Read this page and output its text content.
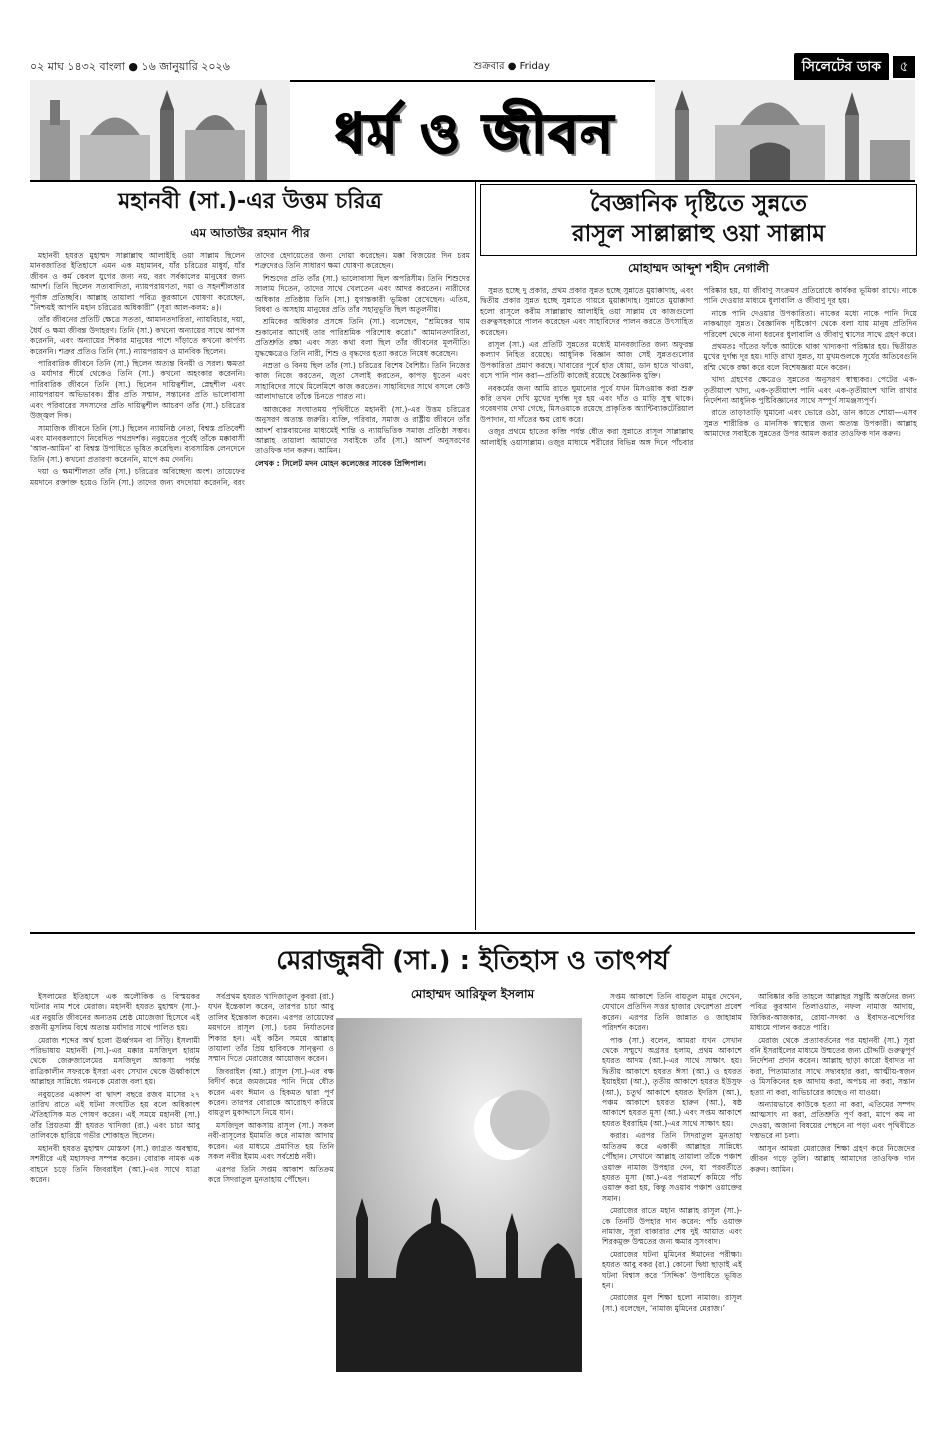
০২ মাঘ ১৪৩২ বাংলা ● ১৬ জানুয়ারি ২০২৬	শুক্রবার ● Friday	সিলেটের ডাক	৫
ধর্ম ও জীবন
মহানবী (সা.)-এর উত্তম চরিত্র
এম আতাউর রহমান পীর

মহানবী হযরত মুহাম্মদ সাল্লাল্লাহু আলাইহি ওয়া সাল্লাম ছিলেন মানবজাতির ইতিহাসে এমন এক মহামানব, যাঁর চরিত্রের মাধুর্য, যাঁর জীবন ও কর্ম কেবল যুগের জন্য নয়, বরং সর্বকালের মানুষের জন্য আদর্শ। তিনি ছিলেন সত্যবাদিতা, ন্যায়পরায়ণতা, দয়া ও সহনশীলতার পূর্ণাঙ্গ প্রতিচ্ছবি। আল্লাহ তায়ালা পবিত্র কুরআনে ঘোষণা করেছেন, “নিশ্চয়ই আপনি মহান চরিত্রের অধিকারী” (সূরা আল-কলম: ৪)।

তাঁর জীবনের প্রতিটি ক্ষেত্রে সততা, আমানতদারিতা, ন্যায়বিচার, দয়া, ধৈর্য ও ক্ষমা জীবন্ত উদাহরণ। তিনি (সা.) কখনো অন্যায়ের সাথে আপস করেননি, এবং অন্যায়ের শিকার মানুষের পাশে দাঁড়াতে কখনো কার্পণ্য করেননি। শত্রুর প্রতিও তিনি (সা.) ন্যায়পরায়ণ ও মানবিক ছিলেন।

পারিবারিক জীবনে তিনি (সা.) ছিলেন অত্যন্ত বিনয়ী ও সরল। ক্ষমতা ও মর্যাদার শীর্ষে থেকেও তিনি (সা.) কখনো অহংকার করেননি। পারিবারিক জীবনে তিনি (সা.) ছিলেন দায়িত্বশীল, স্নেহশীল এবং ন্যায়পরায়ণ অভিভাবক। স্ত্রীর প্রতি সম্মান, সন্তানের প্রতি ভালোবাসা এবং পরিবারের সদস্যদের প্রতি দায়িত্বশীল আচরণ তাঁর (সা.) চরিত্রের উজ্জ্বল দিক।

সামাজিক জীবনে তিনি (সা.) ছিলেন ন্যায়নিষ্ঠ নেতা, বিশ্বস্ত প্রতিবেশী এবং মানবকল্যাণে নিবেদিত পথপ্রদর্শক। নবুয়তের পূর্বেই তাঁকে মক্কাবাসী ‘আল-আমিন’ বা বিশ্বস্ত উপাধিতে ভূষিত করেছিল। ব্যবসায়িক লেনদেনে তিনি (সা.) কখনো প্রতারণা করেননি, মাপে কম দেননি।

দয়া ও ক্ষমাশীলতা তাঁর (সা.) চরিত্রের অবিচ্ছেদ্য অংশ। তায়েফের ময়দানে রক্তাক্ত হয়েও তিনি (সা.) তাদের জন্য বদদোয়া করেননি, বরং তাদের হেদায়েতের জন্য দোয়া করেছেন। মক্কা বিজয়ের দিন চরম শত্রুদেরও তিনি সাধারণ ক্ষমা ঘোষণা করেছেন।

শিশুদের প্রতি তাঁর (সা.) ভালোবাসা ছিল অপরিসীম। তিনি শিশুদের সালাম দিতেন, তাদের সাথে খেলতেন এবং আদর করতেন। নারীদের অধিকার প্রতিষ্ঠায় তিনি (সা.) যুগান্তকারী ভূমিকা রেখেছেন। এতিম, বিধবা ও অসহায় মানুষের প্রতি তাঁর সহানুভূতি ছিল অতুলনীয়।

শ্রমিকের অধিকার প্রসঙ্গে তিনি (সা.) বলেছেন, “শ্রমিকের ঘাম শুকানোর আগেই তার পারিশ্রমিক পরিশোধ করো।” আমানতদারিতা, প্রতিশ্রুতি রক্ষা এবং সত্য কথা বলা ছিল তাঁর জীবনের মূলনীতি। যুদ্ধক্ষেত্রেও তিনি নারী, শিশু ও বৃদ্ধদের হত্যা করতে নিষেধ করেছেন।

নম্রতা ও বিনয় ছিল তাঁর (সা.) চরিত্রের বিশেষ বৈশিষ্ট্য। তিনি নিজের কাজ নিজে করতেন, জুতা সেলাই করতেন, কাপড় ধুতেন এবং সাহাবিদের সাথে মিলেমিশে কাজ করতেন। সাহাবিদের সাথে বসলে কেউ আলাদাভাবে তাঁকে চিনতে পারত না।

আজকের সংঘাতময় পৃথিবীতে মহানবী (সা.)-এর উত্তম চরিত্রের অনুসরণ অত্যন্ত জরুরি। ব্যক্তি, পরিবার, সমাজ ও রাষ্ট্রীয় জীবনে তাঁর আদর্শ বাস্তবায়নের মাধ্যমেই শান্তি ও ন্যায়ভিত্তিক সমাজ প্রতিষ্ঠা সম্ভব। আল্লাহ তায়ালা আমাদের সবাইকে তাঁর (সা.) আদর্শ অনুসরণের তাওফিক দান করুন। আমিন।

লেখক : সিলেট মদন মোহন কলেজের সাবেক প্রিন্সিপাল।

বৈজ্ঞানিক দৃষ্টিতে সুন্নতে
রাসূল সাল্লাল্লাহু ওয়া সাল্লাম
মোহাম্মদ আব্দুশ শহীদ নেগালী

সুন্নত হচ্ছে দু প্রকার, প্রথম প্রকার সুন্নত হচ্ছে সুন্নাতে মুয়াক্কাদাহ, এবং দ্বিতীয় প্রকার সুন্নত হচ্ছে সুন্নাতে গায়রে মুয়াক্কাদাহ। সুন্নাতে মুয়াক্কাদা হলো রাসূলে করীম সাল্লাল্লাহু আলাইহি ওয়া সাল্লাম যে কাজগুলো গুরুত্বসহকারে পালন করেছেন এবং সাহাবিদের পালন করতে উৎসাহিত করেছেন।

রাসূল (সা.) এর প্রতিটি সুন্নতের মধ্যেই মানবজাতির জন্য অফুরন্ত কল্যাণ নিহিত রয়েছে। আধুনিক বিজ্ঞান আজ সেই সুন্নতগুলোর উপকারিতা প্রমাণ করছে। খাবারের পূর্বে হাত ধোয়া, ডান হাতে খাওয়া, বসে পানি পান করা—প্রতিটি কাজেই রয়েছে বৈজ্ঞানিক যুক্তি।

নবকর্মের জন্য আমি রাতে ঘুমানোর পূর্বে যখন মিসওয়াক করা শুরু করি তখন দেখি মুখের দুর্গন্ধ দূর হয় এবং দাঁত ও মাড়ি সুস্থ থাকে। গবেষণায় দেখা গেছে, মিসওয়াকে রয়েছে প্রাকৃতিক অ্যান্টিব্যাকটেরিয়াল উপাদান, যা দাঁতের ক্ষয় রোধ করে।

ওজুর প্রথমে হাতের কব্জি পর্যন্ত ধৌত করা সুন্নাতে রাসূল সাল্লাল্লাহু আলাইহি ওয়াসাল্লাম। ওজুর মাধ্যমে শরীরের বিভিন্ন অঙ্গ দিনে পাঁচবার পরিষ্কার হয়, যা জীবাণু সংক্রমণ প্রতিরোধে কার্যকর ভূমিকা রাখে। নাকে পানি দেওয়ার মাধ্যমে ধুলাবালি ও জীবাণু দূর হয়।

নাকে পানি দেওয়ার উপকারিতা। নাকের মধ্যে নাকে পানি দিয়ে নাকঝাড়া সুন্নত। বৈজ্ঞানিক দৃষ্টিকোণ থেকে বলা যায় মানুষ প্রতিদিন পরিবেশ থেকে নানা ধরনের ধুলাবালি ও জীবাণু শ্বাসের সাথে গ্রহণ করে।

প্রথমতঃ দাঁতের ফাঁকে আটকে থাকা খাদ্যকণা পরিষ্কার হয়। দ্বিতীয়ত মুখের দুর্গন্ধ দূর হয়। দাড়ি রাখা সুন্নত, যা মুখমণ্ডলকে সূর্যের অতিবেগুনি রশ্মি থেকে রক্ষা করে বলে বিশেষজ্ঞরা মনে করেন।

খাদ্য গ্রহণের ক্ষেত্রেও সুন্নতের অনুসরণ স্বাস্থ্যকর। পেটের এক-তৃতীয়াংশ খাদ্য, এক-তৃতীয়াংশ পানি এবং এক-তৃতীয়াংশ খালি রাখার নির্দেশনা আধুনিক পুষ্টিবিজ্ঞানের সাথে সম্পূর্ণ সামঞ্জস্যপূর্ণ।

রাতে তাড়াতাড়ি ঘুমানো এবং ভোরে ওঠা, ডান কাতে শোয়া—এসব সুন্নত শারীরিক ও মানসিক স্বাস্থ্যের জন্য অত্যন্ত উপকারী। আল্লাহ আমাদের সবাইকে সুন্নতের উপর আমল করার তাওফিক দান করুন।

মেরাজুন্নবী (সা.) : ইতিহাস ও তাৎপর্য
মোহাম্মদ আরিফুল ইসলাম

ইসলামের ইতিহাসে এক অলৌকিক ও বিস্ময়কর ঘটনার নাম শবে মেরাজ। মহানবী হযরত মুহাম্মদ (সা.)-এর নবুয়তি জীবনের অন্যতম শ্রেষ্ঠ মোজেজা হিসেবে এই রজনী মুসলিম বিশ্বে অত্যন্ত মর্যাদার সাথে পালিত হয়।

মেরাজ শব্দের অর্থ হলো ঊর্ধ্বগমন বা সিঁড়ি। ইসলামী পরিভাষায় মহানবী (সা.)-এর মক্কার মসজিদুল হারাম থেকে জেরুজালেমের মসজিদুল আকসা পর্যন্ত রাত্রিকালীন সফরকে ইসরা এবং সেখান থেকে ঊর্ধ্বাকাশে আল্লাহর সান্নিধ্যে গমনকে মেরাজ বলা হয়।

নবুয়তের একাদশ বা দ্বাদশ বছরে রজব মাসের ২৭ তারিখ রাতে এই ঘটনা সংঘটিত হয় বলে অধিকাংশ ঐতিহাসিক মত পোষণ করেন। এই সময়ে মহানবী (সা.) তাঁর প্রিয়তমা স্ত্রী হযরত খাদিজা (রা.) এবং চাচা আবু তালিবকে হারিয়ে গভীর শোকাহত ছিলেন।

মহানবী হযরত মুহাম্মদ মোস্তফা (সা.) জাগ্রত অবস্থায়, সশরীরে এই মহাসফর সম্পন্ন করেন। বোরাক নামক এক বাহনে চড়ে তিনি জিবরাইল (আ.)-এর সাথে যাত্রা করেন।

সর্বপ্রথম হযরত খাদিজাতুল কুবরা (রা.) যখন ইন্তেকাল করেন, তারপর চাচা আবু তালিব ইন্তেকাল করেন। এরপর তায়েফের ময়দানে রাসূল (সা.) চরম নির্যাতনের শিকার হন। এই কঠিন সময়ে আল্লাহ তায়ালা তাঁর প্রিয় হাবিবকে সান্ত্বনা ও সম্মান দিতে মেরাজের আয়োজন করেন।

জিবরাইল (আ.) রাসূল (সা.)-এর বক্ষ বিদীর্ণ করে জমজমের পানি দিয়ে ধৌত করেন এবং ঈমান ও হিকমত দ্বারা পূর্ণ করেন। তারপর বোরাকে আরোহণ করিয়ে বায়তুল মুকাদ্দাসে নিয়ে যান।

মসজিদুল আকসায় রাসূল (সা.) সকল নবী-রাসূলের ইমামতি করে নামাজ আদায় করেন। এর মাধ্যমে প্রমাণিত হয় তিনি সকল নবীর ইমাম এবং সর্বশ্রেষ্ঠ নবী।

এরপর তিনি সপ্তম আকাশ অতিক্রম করে সিদরাতুল মুনতাহায় পৌঁছেন।

সপ্তম আকাশে তিনি বায়তুল মামুর দেখেন, যেখানে প্রতিদিন সত্তর হাজার ফেরেশতা প্রবেশ করেন। এরপর তিনি জান্নাত ও জাহান্নাম পরিদর্শন করেন।

পাক (সা.) বলেন, আমরা যখন সেখান থেকে সম্মুখে অগ্রসর হলাম, প্রথম আকাশে হযরত আদম (আ.)-এর সাথে সাক্ষাৎ হয়। দ্বিতীয় আকাশে হযরত ঈসা (আ.) ও হযরত ইয়াহইয়া (আ.), তৃতীয় আকাশে হযরত ইউসুফ (আ.), চতুর্থ আকাশে হযরত ইদরিস (আ.), পঞ্চম আকাশে হযরত হারুন (আ.), ষষ্ঠ আকাশে হযরত মূসা (আ.) এবং সপ্তম আকাশে হযরত ইবরাহিম (আ.)-এর সাথে সাক্ষাৎ হয়।

করার। এরপর তিনি সিদরাতুল মুনতাহা অতিক্রম করে একাকী আল্লাহর সান্নিধ্যে পৌঁছান। সেখানে আল্লাহ তায়ালা তাঁকে পঞ্চাশ ওয়াক্ত নামাজ উপহার দেন, যা পরবর্তীতে হযরত মূসা (আ.)-এর পরামর্শে কমিয়ে পাঁচ ওয়াক্ত করা হয়, কিন্তু সওয়াব পঞ্চাশ ওয়াক্তের সমান।

মেরাজের রাতে মহান আল্লাহ রাসূল (সা.)-কে তিনটি উপহার দান করেন: পাঁচ ওয়াক্ত নামাজ, সূরা বাকারার শেষ দুই আয়াত এবং শিরকমুক্ত উম্মতের জন্য ক্ষমার সুসংবাদ।

মেরাজের ঘটনা মুমিনের ঈমানের পরীক্ষা। হযরত আবু বকর (রা.) কোনো দ্বিধা ছাড়াই এই ঘটনা বিশ্বাস করে ‘সিদ্দিক’ উপাধিতে ভূষিত হন।

মেরাজের মূল শিক্ষা হলো নামাজ। রাসূল (সা.) বলেছেন, ‘নামাজ মুমিনের মেরাজ।’

আবিষ্কার করি তাহলে আল্লাহর সন্তুষ্টি অর্জনের জন্য পবিত্র কুরআন তিলাওয়াত, নফল নামাজ আদায়, জিকির-আজকার, রোযা-সদকা ও ইবাদত-বন্দেগির মাধ্যমে পালন করতে পারি।

মেরাজ থেকে প্রত্যাবর্তনের পর মহানবী (সা.) সূরা বনি ইসরাইলের মাধ্যমে উম্মতের জন্য চৌদ্দটি গুরুত্বপূর্ণ নির্দেশনা প্রদান করেন। আল্লাহ ছাড়া কারো ইবাদত না করা, পিতামাতার সাথে সদ্ব্যবহার করা, আত্মীয়-স্বজন ও মিসকিনের হক আদায় করা, অপচয় না করা, সন্তান হত্যা না করা, ব্যভিচারের কাছেও না যাওয়া।

অন্যায়ভাবে কাউকে হত্যা না করা, এতিমের সম্পদ আত্মসাৎ না করা, প্রতিশ্রুতি পূর্ণ করা, মাপে কম না দেওয়া, অজানা বিষয়ের পেছনে না পড়া এবং পৃথিবীতে দম্ভভরে না চলা।

আসুন আমরা মেরাজের শিক্ষা গ্রহণ করে নিজেদের জীবন গড়ে তুলি। আল্লাহ আমাদের তাওফিক দান করুন। আমিন।
